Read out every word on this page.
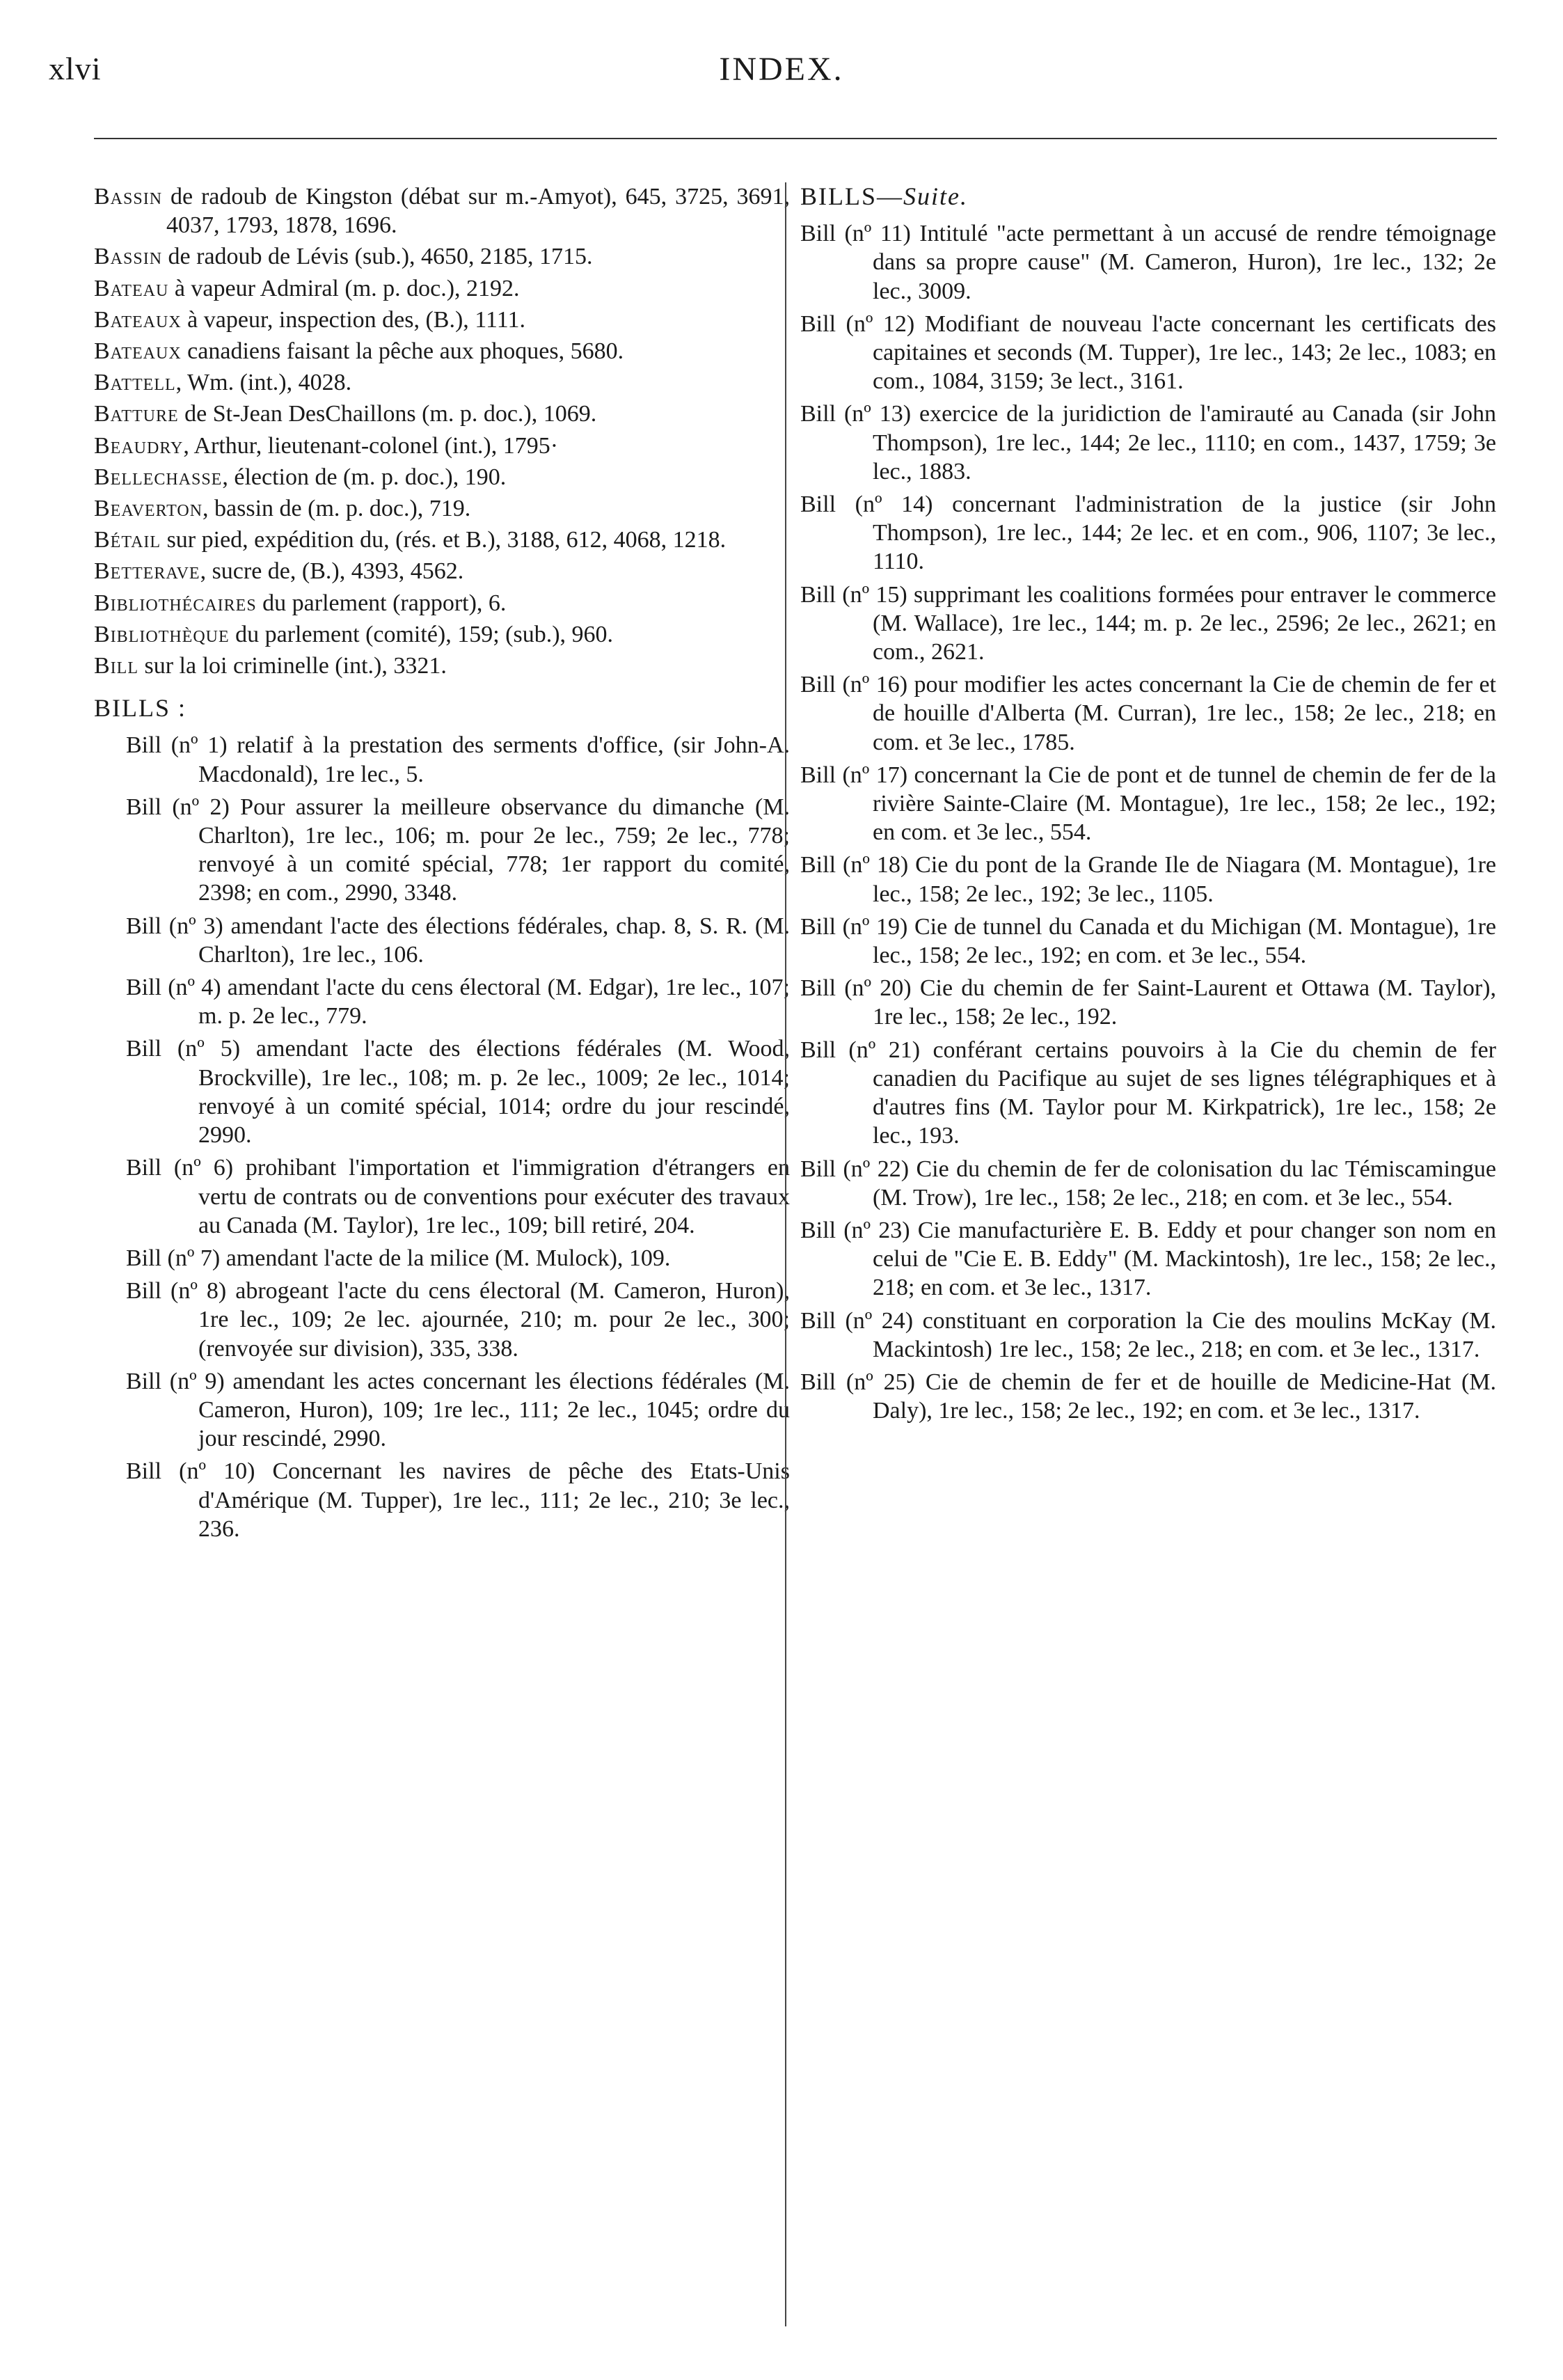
xlvi	INDEX.

Bassin de radoub de Kingston (débat sur m.-Amyot), 645, 3725, 3691, 4037, 1793, 1878, 1696.

Bassin de radoub de Lévis (sub.), 4650, 2185, 1715.

Bateau à vapeur Admiral (m. p. doc.), 2192.

Bateaux à vapeur, inspection des, (B.), 1111.

Bateaux canadiens faisant la pêche aux phoques, 5680.

Battell, Wm. (int.), 4028.

Batture de St-Jean DesChaillons (m. p. doc.), 1069.

Beaudry, Arthur, lieutenant-colonel (int.), 1795·

Bellechasse, élection de (m. p. doc.), 190.

Beaverton, bassin de (m. p. doc.), 719.

Bétail sur pied, expédition du, (rés. et B.), 3188, 612, 4068, 1218.

Betterave, sucre de, (B.), 4393, 4562.

Bibliothécaires du parlement (rapport), 6.

Bibliothèque du parlement (comité), 159; (sub.), 960.

Bill sur la loi criminelle (int.), 3321.

BILLS :

Bill (nº 1) relatif à la prestation des serments d'office, (sir John-A. Macdonald), 1re lec., 5.

Bill (nº 2) Pour assurer la meilleure observance du dimanche (M. Charlton), 1re lec., 106; m. pour 2e lec., 759; 2e lec., 778; renvoyé à un comité spécial, 778; 1er rapport du comité, 2398; en com., 2990, 3348.

Bill (nº 3) amendant l'acte des élections fédérales, chap. 8, S. R. (M. Charlton), 1re lec., 106.

Bill (nº 4) amendant l'acte du cens électoral (M. Edgar), 1re lec., 107; m. p. 2e lec., 779.

Bill (nº 5) amendant l'acte des élections fédérales (M. Wood, Brockville), 1re lec., 108; m. p. 2e lec., 1009; 2e lec., 1014; renvoyé à un comité spécial, 1014; ordre du jour rescindé, 2990.

Bill (nº 6) prohibant l'importation et l'immigration d'étrangers en vertu de contrats ou de conventions pour exécuter des travaux au Canada (M. Taylor), 1re lec., 109; bill retiré, 204.

Bill (nº 7) amendant l'acte de la milice (M. Mulock), 109.

Bill (nº 8) abrogeant l'acte du cens électoral (M. Cameron, Huron), 1re lec., 109; 2e lec. ajournée, 210; m. pour 2e lec., 300; (renvoyée sur division), 335, 338.

Bill (nº 9) amendant les actes concernant les élections fédérales (M. Cameron, Huron), 109; 1re lec., 111; 2e lec., 1045; ordre du jour rescindé, 2990.

Bill (nº 10) Concernant les navires de pêche des Etats-Unis d'Amérique (M. Tupper), 1re lec., 111; 2e lec., 210; 3e lec., 236.

BILLS—Suite.

Bill (nº 11) Intitulé "acte permettant à un accusé de rendre témoignage dans sa propre cause" (M. Cameron, Huron), 1re lec., 132; 2e lec., 3009.

Bill (nº 12) Modifiant de nouveau l'acte concernant les certificats des capitaines et seconds (M. Tupper), 1re lec., 143; 2e lec., 1083; en com., 1084, 3159; 3e lect., 3161.

Bill (nº 13) exercice de la juridiction de l'amirauté au Canada (sir John Thompson), 1re lec., 144; 2e lec., 1110; en com., 1437, 1759; 3e lec., 1883.

Bill (nº 14) concernant l'administration de la justice (sir John Thompson), 1re lec., 144; 2e lec. et en com., 906, 1107; 3e lec., 1110.

Bill (nº 15) supprimant les coalitions formées pour entraver le commerce (M. Wallace), 1re lec., 144; m. p. 2e lec., 2596; 2e lec., 2621; en com., 2621.

Bill (nº 16) pour modifier les actes concernant la Cie de chemin de fer et de houille d'Alberta (M. Curran), 1re lec., 158; 2e lec., 218; en com. et 3e lec., 1785.

Bill (nº 17) concernant la Cie de pont et de tunnel de chemin de fer de la rivière Sainte-Claire (M. Montague), 1re lec., 158; 2e lec., 192; en com. et 3e lec., 554.

Bill (nº 18) Cie du pont de la Grande Ile de Niagara (M. Montague), 1re lec., 158; 2e lec., 192; 3e lec., 1105.

Bill (nº 19) Cie de tunnel du Canada et du Michigan (M. Montague), 1re lec., 158; 2e lec., 192; en com. et 3e lec., 554.

Bill (nº 20) Cie du chemin de fer Saint-Laurent et Ottawa (M. Taylor), 1re lec., 158; 2e lec., 192.

Bill (nº 21) conférant certains pouvoirs à la Cie du chemin de fer canadien du Pacifique au sujet de ses lignes télégraphiques et à d'autres fins (M. Taylor pour M. Kirkpatrick), 1re lec., 158; 2e lec., 193.

Bill (nº 22) Cie du chemin de fer de colonisation du lac Témiscamingue (M. Trow), 1re lec., 158; 2e lec., 218; en com. et 3e lec., 554.

Bill (nº 23) Cie manufacturière E. B. Eddy et pour changer son nom en celui de "Cie E. B. Eddy" (M. Mackintosh), 1re lec., 158; 2e lec., 218; en com. et 3e lec., 1317.

Bill (nº 24) constituant en corporation la Cie des moulins McKay (M. Mackintosh) 1re lec., 158; 2e lec., 218; en com. et 3e lec., 1317.

Bill (nº 25) Cie de chemin de fer et de houille de Medicine-Hat (M. Daly), 1re lec., 158; 2e lec., 192; en com. et 3e lec., 1317.
